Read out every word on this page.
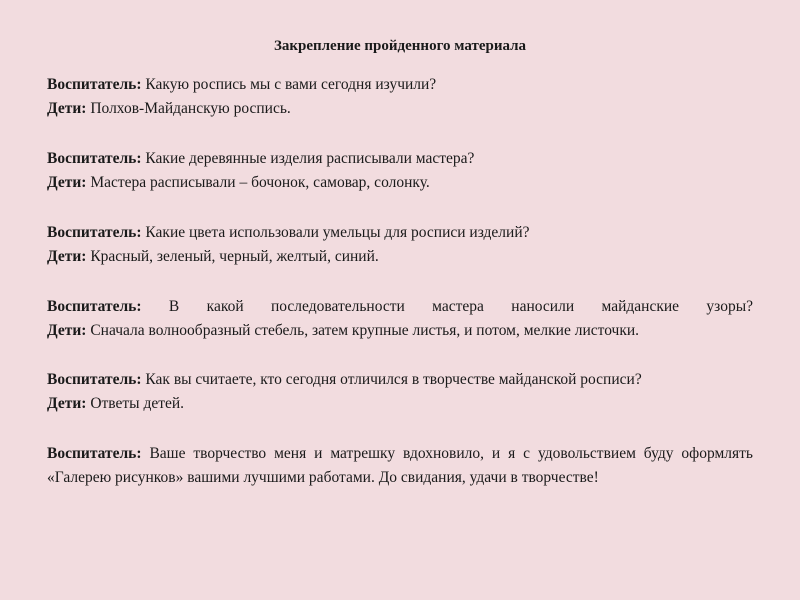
Закрепление пройденного материала

Воспитатель: Какую роспись мы с вами сегодня изучили?

Дети: Полхов-Майданскую роспись.

Воспитатель: Какие деревянные изделия расписывали мастера?

Дети: Мастера расписывали – бочонок, самовар, солонку.

Воспитатель: Какие цвета использовали умельцы для росписи изделий?

Дети: Красный, зеленый, черный, желтый, синий.

Воспитатель: В какой последовательности мастера наносили майданские узоры?

Дети: Сначала волнообразный стебель, затем крупные листья, и потом, мелкие листочки.

Воспитатель: Как вы считаете, кто сегодня отличился в творчестве майданской росписи?

Дети: Ответы детей.

Воспитатель: Ваше творчество меня и матрешку вдохновило, и я с удовольствием буду оформлять «Галерею рисунков» вашими лучшими работами. До свидания, удачи в творчестве!
